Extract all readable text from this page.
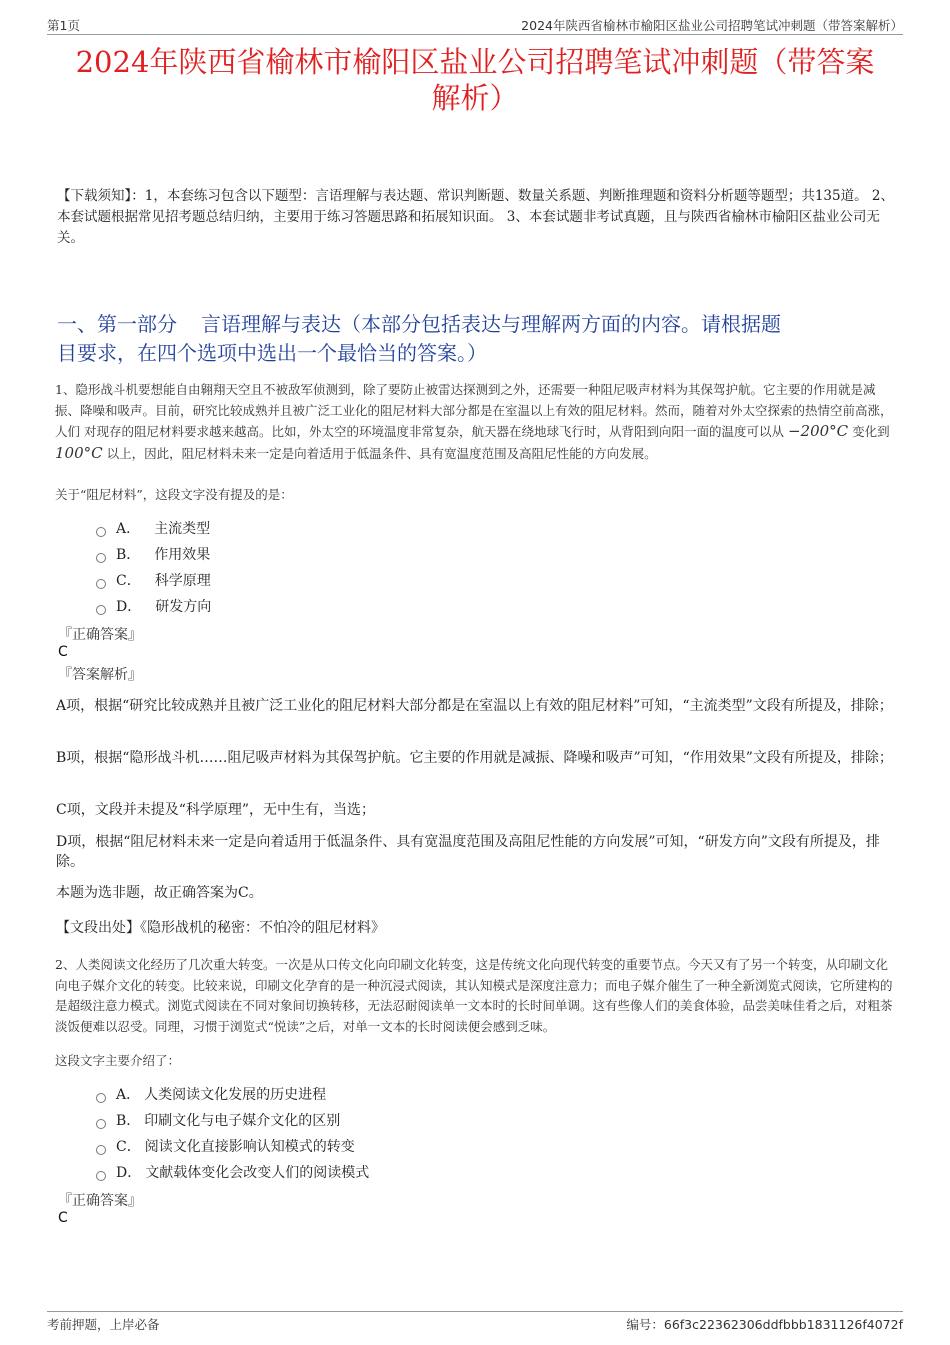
第1页	2024年陕西省榆林市榆阳区盐业公司招聘笔试冲刺题（带答案解析）
2024年陕西省榆林市榆阳区盐业公司招聘笔试冲刺题（带答案
解析）
【下载须知】：1，本套练习包含以下题型：言语理解与表达题、常识判断题、数量关系题、判断推理题和资料分析题等题型；共135道。 2、本套试题根据常见招考题总结归纳，主要用于练习答题思路和拓展知识面。 3、本套试题非考试真题，且与陕西省榆林市榆阳区盐业公司无关。
一、第一部分 言语理解与表达（本部分包括表达与理解两方面的内容。请根据题
目要求，在四个选项中选出一个最恰当的答案。）
1、隐形战斗机要想能自由翱翔天空且不被敌军侦测到，除了要防止被雷达探测到之外，还需要一种阻尼吸声材料为其保驾护航。它主要的作用就是减振、降噪和吸声。目前，研究比较成熟并且被广泛工业化的阻尼材料大部分都是在室温以上有效的阻尼材料。然而，随着对外太空探索的热情空前高涨， 人们 对现存的阻尼材料要求越来越高。比如，外太空的环境温度非常复杂，航天器在绕地球飞行时，从背阳到向阳一面的温度可以从 −200°C 变化到 100°C 以上，因此，阻尼材料未来一定是向着适用于低温条件、具有宽温度范围及高阻尼性能的方向发展。
关于“阻尼材料”，这段文字没有提及的是：
A． 主流类型
B． 作用效果
C． 科学原理
D． 研发方向
『正确答案』
C
『答案解析』
A项，根据“研究比较成熟并且被广泛工业化的阻尼材料大部分都是在室温以上有效的阻尼材料”可知，“主流类型”文段有所提及，排除；
B项，根据“隐形战斗机……阻尼吸声材料为其保驾护航。它主要的作用就是减振、降噪和吸声”可知，“作用效果”文段有所提及，排除；
C项，文段并未提及“科学原理”，无中生有，当选；
D项，根据“阻尼材料未来一定是向着适用于低温条件、具有宽温度范围及高阻尼性能的方向发展”可知，“研发方向”文段有所提及，排除。
本题为选非题，故正确答案为C。
【文段出处】《隐形战机的秘密：不怕冷的阻尼材料》
2、人类阅读文化经历了几次重大转变。一次是从口传文化向印刷文化转变，这是传统文化向现代转变的重要节点。今天又有了另一个转变，从印刷文化向电子媒介文化的转变。比较来说，印刷文化孕育的是一种沉浸式阅读，其认知模式是深度注意力；而电子媒介催生了一种全新浏览式阅读，它所建构的是超级注意力模式。浏览式阅读在不同对象间切换转移，无法忍耐阅读单一文本时的长时间单调。这有些像人们的美食体验，品尝美味佳肴之后，对粗茶淡饭便难以忍受。同理，习惯于浏览式“悦读”之后，对单一文本的长时阅读便会感到乏味。
这段文字主要介绍了：
A． 人类阅读文化发展的历史进程
B． 印刷文化与电子媒介文化的区别
C． 阅读文化直接影响认知模式的转变
D． 文献载体变化会改变人们的阅读模式
『正确答案』
C
考前押题，上岸必备	编号：66f3c22362306ddfbbb1831126f4072f
